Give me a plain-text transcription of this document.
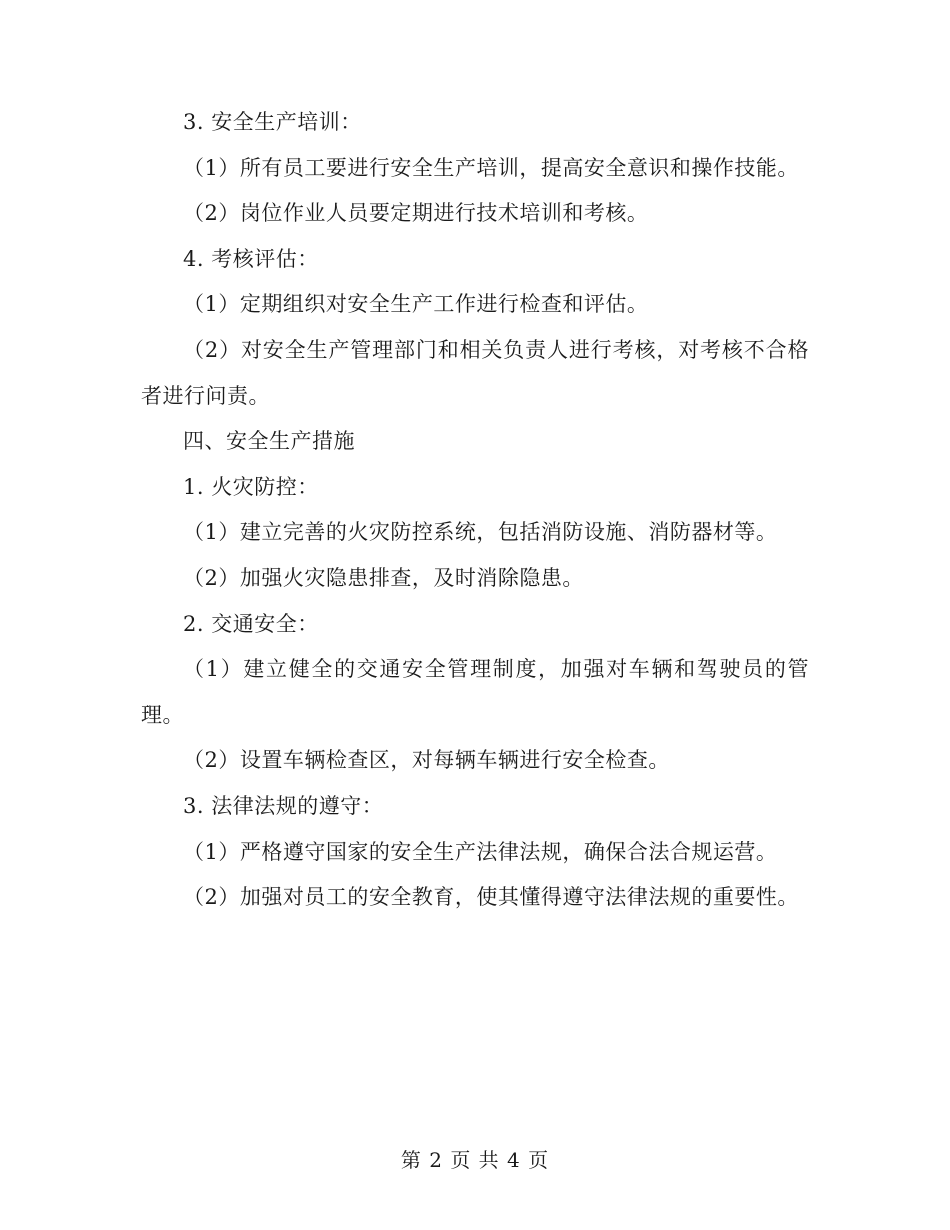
3. 安全生产培训：

（1）所有员工要进行安全生产培训，提高安全意识和操作技能。

（2）岗位作业人员要定期进行技术培训和考核。

4. 考核评估：

（1）定期组织对安全生产工作进行检查和评估。

（2）对安全生产管理部门和相关负责人进行考核，对考核不合格者进行问责。

四、安全生产措施

1. 火灾防控：

（1）建立完善的火灾防控系统，包括消防设施、消防器材等。

（2）加强火灾隐患排查，及时消除隐患。

2. 交通安全：

（1）建立健全的交通安全管理制度，加强对车辆和驾驶员的管理。

（2）设置车辆检查区，对每辆车辆进行安全检查。

3. 法律法规的遵守：

（1）严格遵守国家的安全生产法律法规，确保合法合规运营。

（2）加强对员工的安全教育，使其懂得遵守法律法规的重要性。

第 2 页 共 4 页
